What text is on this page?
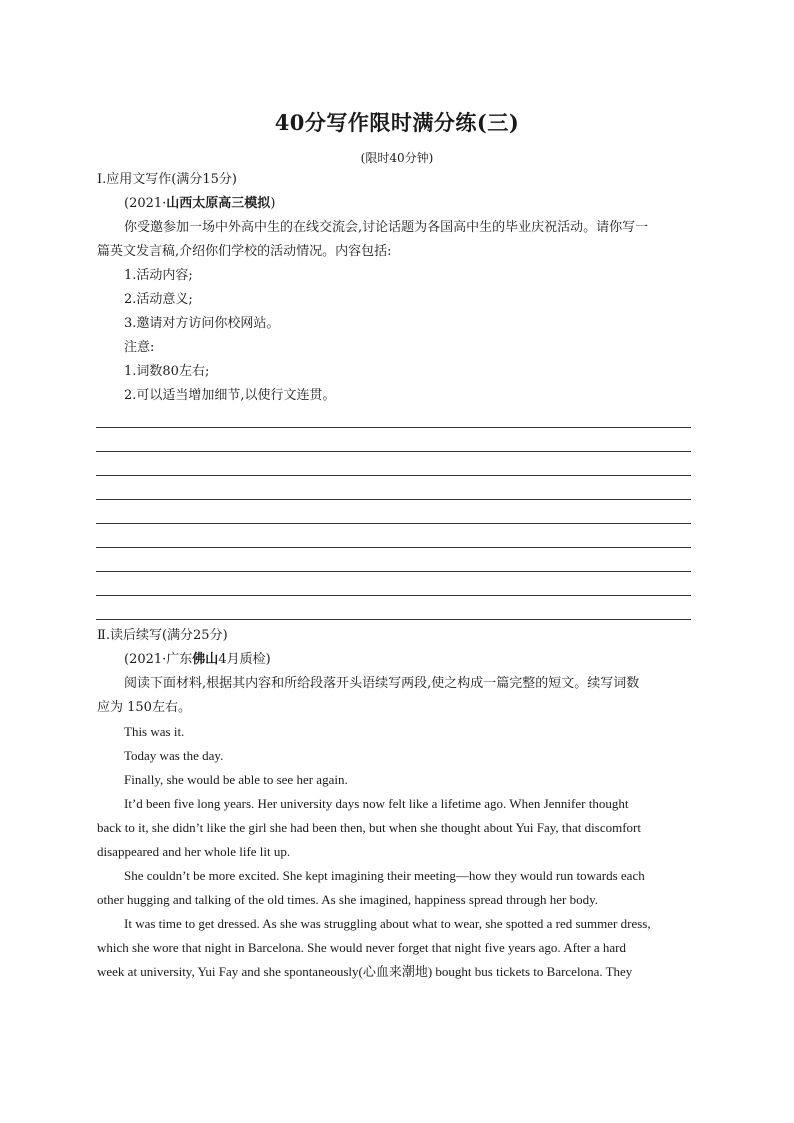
40分写作限时满分练(三)
(限时40分钟)
Ⅰ.应用文写作(满分15分)
(2021·山西太原高三模拟)
你受邀参加一场中外高中生的在线交流会,讨论话题为各国高中生的毕业庆祝活动。请你写一
篇英文发言稿,介绍你们学校的活动情况。内容包括:
1.活动内容;
2.活动意义;
3.邀请对方访问你校网站。
注意:
1.词数80左右;
2.可以适当增加细节,以使行文连贯。
Ⅱ.读后续写(满分25分)
(2021·广东佛山4月质检)
阅读下面材料,根据其内容和所给段落开头语续写两段,使之构成一篇完整的短文。续写词数
应为 150左右。
This was it.
Today was the day.
Finally, she would be able to see her again.
It’d been five long years. Her university days now felt like a lifetime ago. When Jennifer thought
back to it, she didn’t like the girl she had been then, but when she thought about Yui Fay, that discomfort
disappeared and her whole life lit up.
She couldn’t be more excited. She kept imagining their meeting—how they would run towards each
other hugging and talking of the old times. As she imagined, happiness spread through her body.
It was time to get dressed. As she was struggling about what to wear, she spotted a red summer dress,
which she wore that night in Barcelona. She would never forget that night five years ago. After a hard
week at university, Yui Fay and she spontaneously(心血来潮地) bought bus tickets to Barcelona. They
